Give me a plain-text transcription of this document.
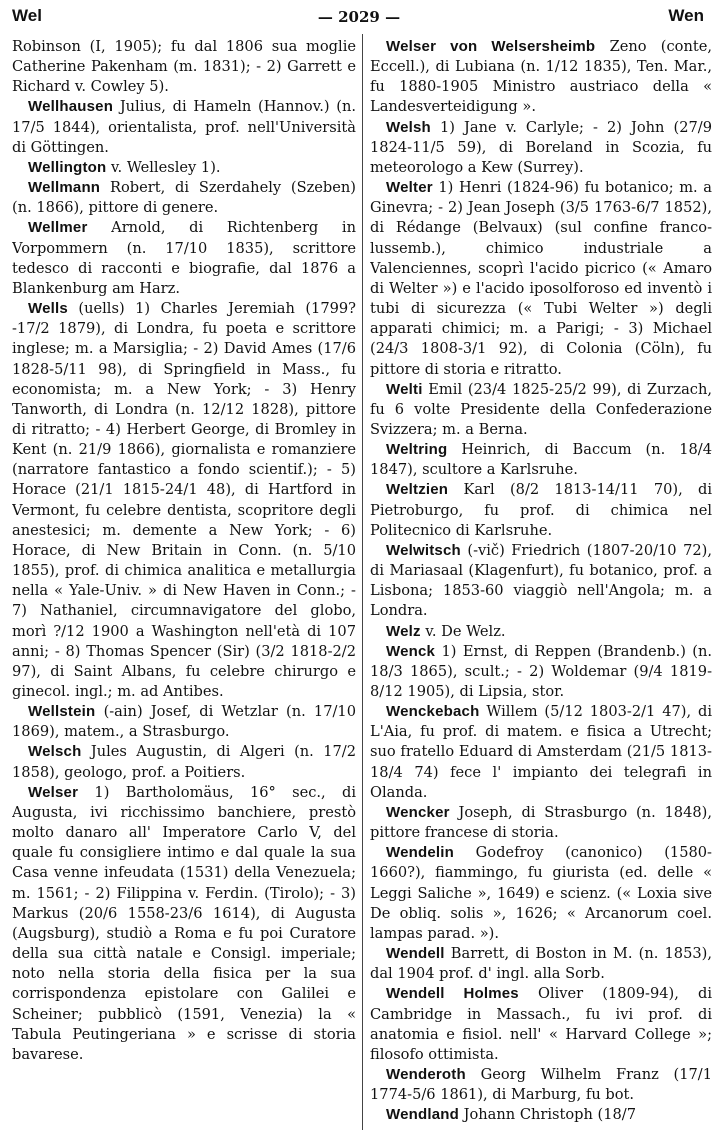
Wel	— 2029 —	Wen

Robinson (I, 1905); fu dal 1806 sua moglie Catherine Pakenham (m. 1831); - 2) Garrett e Richard v. Cowley 5).

Wellhausen Julius, di Hameln (Hannov.) (n. 17/5 1844), orientalista, prof. nell'Università di Göttingen.

Wellington v. Wellesley 1).

Wellmann Robert, di Szerdahely (Szeben) (n. 1866), pittore di genere.

Wellmer Arnold, di Richtenberg in Vorpommern (n. 17/10 1835), scrittore tedesco di racconti e biografie, dal 1876 a Blankenburg am Harz.

Wells (uells) 1) Charles Jeremiah (1799?-17/2 1879), di Londra, fu poeta e scrittore inglese; m. a Marsiglia; - 2) David Ames (17/6 1828-5/11 98), di Springfield in Mass., fu economista; m. a New York; - 3) Henry Tanworth, di Londra (n. 12/12 1828), pittore di ritratto; - 4) Herbert George, di Bromley in Kent (n. 21/9 1866), giornalista e romanziere (narratore fantastico a fondo scientif.); - 5) Horace (21/1 1815-24/1 48), di Hartford in Vermont, fu celebre dentista, scopritore degli anestesici; m. demente a New York; - 6) Horace, di New Britain in Conn. (n. 5/10 1855), prof. di chimica analitica e metallurgia nella « Yale-Univ. » di New Haven in Conn.; - 7) Nathaniel, circumnavigatore del globo, morì ?/12 1900 a Washington nell'età di 107 anni; - 8) Thomas Spencer (Sir) (3/2 1818-2/2 97), di Saint Albans, fu celebre chirurgo e ginecol. ingl.; m. ad Antibes.

Wellstein (-ain) Josef, di Wetzlar (n. 17/10 1869), matem., a Strasburgo.

Welsch Jules Augustin, di Algeri (n. 17/2 1858), geologo, prof. a Poitiers.

Welser 1) Bartholomäus, 16° sec., di Augusta, ivi ricchissimo banchiere, prestò molto danaro all' Imperatore Carlo V, del quale fu consigliere intimo e dal quale la sua Casa venne infeudata (1531) della Venezuela; m. 1561; - 2) Filippina v. Ferdin. (Tirolo); - 3) Markus (20/6 1558-23/6 1614), di Augusta (Augsburg), studiò a Roma e fu poi Curatore della sua città natale e Consigl. imperiale; noto nella storia della fisica per la sua corrispondenza epistolare con Galilei e Scheiner; pubblicò (1591, Venezia) la « Tabula Peutingeriana » e scrisse di storia bavarese.

Welser von Welsersheimb Zeno (conte, Eccell.), di Lubiana (n. 1/12 1835), Ten. Mar., fu 1880-1905 Ministro austriaco della « Landesverteidigung ».

Welsh 1) Jane v. Carlyle; - 2) John (27/9 1824-11/5 59), di Boreland in Scozia, fu meteorologo a Kew (Surrey).

Welter 1) Henri (1824-96) fu botanico; m. a Ginevra; - 2) Jean Joseph (3/5 1763-6/7 1852), di Rédange (Belvaux) (sul confine franco-lussemb.), chimico industriale a Valenciennes, scoprì l'acido picrico (« Amaro di Welter ») e l'acido iposolforoso ed inventò i tubi di sicurezza (« Tubi Welter ») degli apparati chimici; m. a Parigi; - 3) Michael (24/3 1808-3/1 92), di Colonia (Cöln), fu pittore di storia e ritratto.

Welti Emil (23/4 1825-25/2 99), di Zurzach, fu 6 volte Presidente della Confederazione Svizzera; m. a Berna.

Weltring Heinrich, di Baccum (n. 18/4 1847), scultore a Karlsruhe.

Weltzien Karl (8/2 1813-14/11 70), di Pietroburgo, fu prof. di chimica nel Politecnico di Karlsruhe.

Welwitsch (-vič) Friedrich (1807-20/10 72), di Mariasaal (Klagenfurt), fu botanico, prof. a Lisbona; 1853-60 viaggiò nell'Angola; m. a Londra.

Welz v. De Welz.

Wenck 1) Ernst, di Reppen (Brandenb.) (n. 18/3 1865), scult.; - 2) Woldemar (9/4 1819-8/12 1905), di Lipsia, stor.

Wenckebach Willem (5/12 1803-2/1 47), di L'Aia, fu prof. di matem. e fisica a Utrecht; suo fratello Eduard di Amsterdam (21/5 1813-18/4 74) fece l' impianto dei telegrafi in Olanda.

Wencker Joseph, di Strasburgo (n. 1848), pittore francese di storia.

Wendelin Godefroy (canonico) (1580-1660?), fiammingo, fu giurista (ed. delle « Leggi Saliche », 1649) e scienz. (« Loxia sive De obliq. solis », 1626; « Arcanorum coel. lampas parad. »).

Wendell Barrett, di Boston in M. (n. 1853), dal 1904 prof. d' ingl. alla Sorb.

Wendell Holmes Oliver (1809-94), di Cambridge in Massach., fu ivi prof. di anatomia e fisiol. nell' « Harvard College »; filosofo ottimista.

Wenderoth Georg Wilhelm Franz (17/1 1774-5/6 1861), di Marburg, fu bot.

Wendland Johann Christoph (18/7
